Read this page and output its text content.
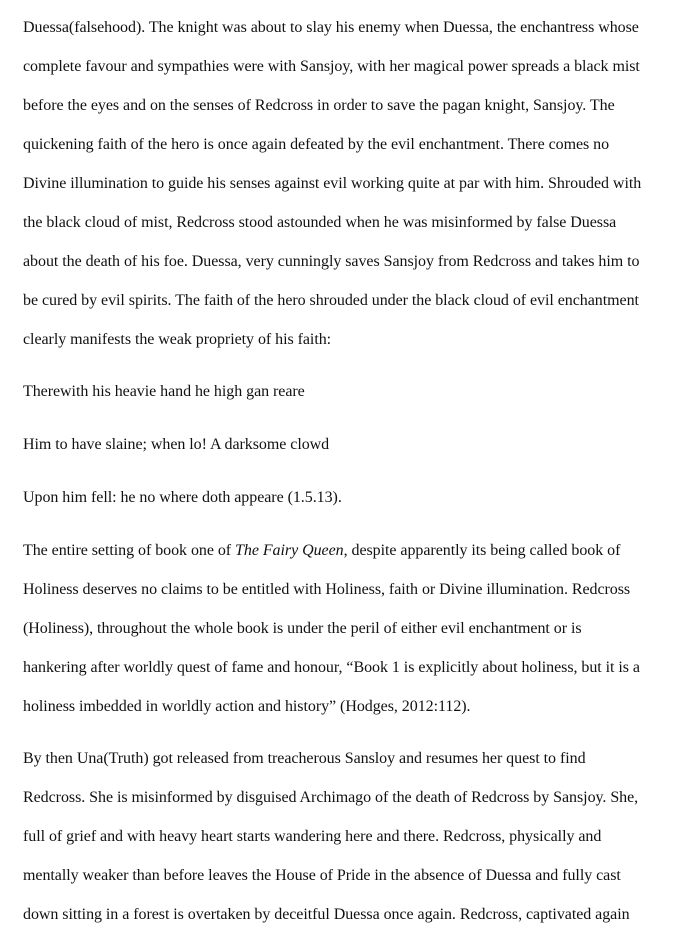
Duessa(falsehood). The knight was about to slay his enemy when Duessa, the enchantress whose
complete favour and sympathies were with Sansjoy, with her magical power spreads a black mist
before the eyes and on the senses of Redcross in order to save the pagan knight, Sansjoy. The
quickening faith of the hero is once again defeated by the evil enchantment. There comes no
Divine illumination to guide his senses against evil working quite at par with him. Shrouded with
the black cloud of mist, Redcross stood astounded when he was misinformed by false Duessa
about the death of his foe. Duessa, very cunningly saves Sansjoy from Redcross and takes him to
be cured by evil spirits. The faith of the hero shrouded under the black cloud of evil enchantment
clearly manifests the weak propriety of his faith:
Therewith his heavie hand he high gan reare
Him to have slaine; when lo! A darksome clowd
Upon him fell: he no where doth appeare (1.5.13).
The entire setting of book one of The Fairy Queen, despite apparently its being called book of
Holiness deserves no claims to be entitled with Holiness, faith or Divine illumination. Redcross
(Holiness), throughout the whole book is under the peril of either evil enchantment or is
hankering after worldly quest of fame and honour, “Book 1 is explicitly about holiness, but it is a
holiness imbedded in worldly action and history” (Hodges, 2012:112).
By then Una(Truth) got released from treacherous Sansloy and resumes her quest to find
Redcross. She is misinformed by disguised Archimago of the death of Redcross by Sansjoy. She,
full of grief and with heavy heart starts wandering here and there. Redcross, physically and
mentally weaker than before leaves the House of Pride in the absence of Duessa and fully cast
down sitting in a forest is overtaken by deceitful Duessa once again. Redcross, captivated again
